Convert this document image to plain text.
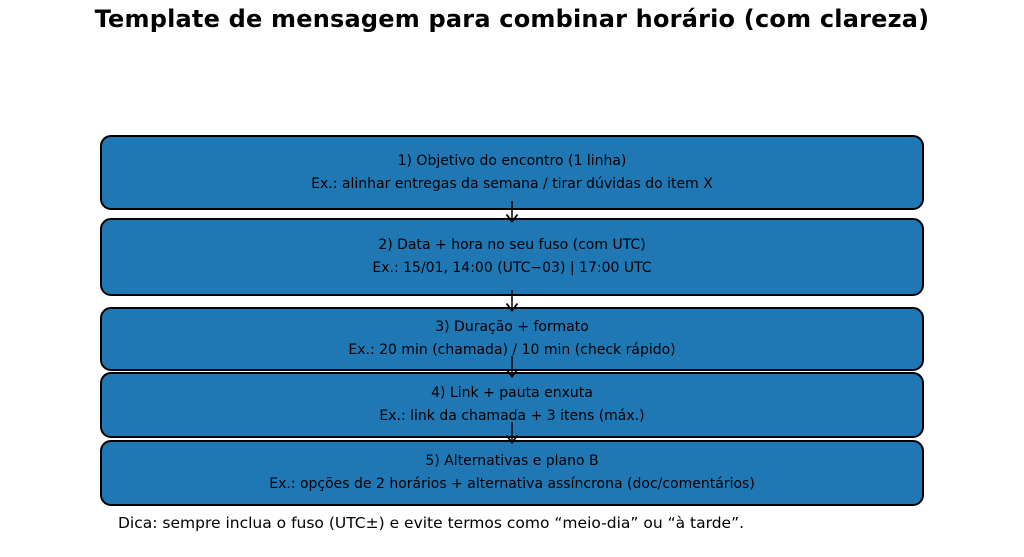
Template de mensagem para combinar horário (com clareza)
1) Objetivo do encontro (1 linha)
Ex.: alinhar entregas da semana / tirar dúvidas do item X
2) Data + hora no seu fuso (com UTC)
Ex.: 15/01, 14:00 (UTC−03) | 17:00 UTC
3) Duração + formato
Ex.: 20 min (chamada) / 10 min (check rápido)
4) Link + pauta enxuta
Ex.: link da chamada + 3 itens (máx.)
5) Alternativas e plano B
Ex.: opções de 2 horários + alternativa assíncrona (doc/comentários)

Dica: sempre inclua o fuso (UTC±) e evite termos como “meio-dia” ou “à tarde”.
